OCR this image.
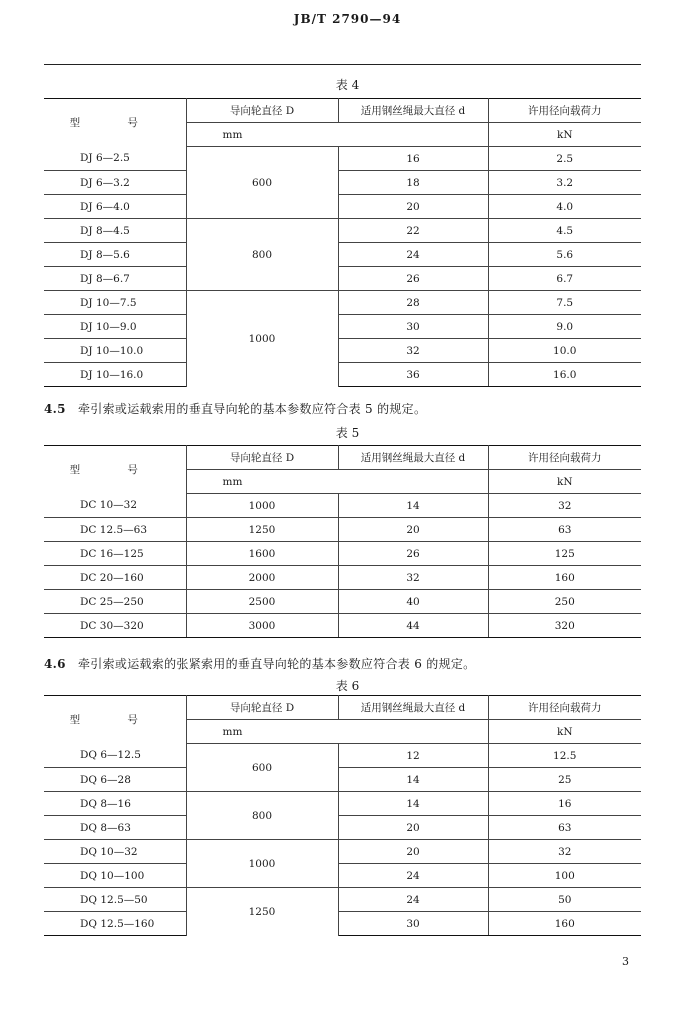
JB/T 2790—94
表 4
型 号	导向轮直径 D	适用钢丝绳最大直径 d	许用径向载荷力
	mm		kN
DJ 6—2.5	600	16	2.5
DJ 6—3.2		18	3.2
DJ 6—4.0		20	4.0
DJ 8—4.5	800	22	4.5
DJ 8—5.6		24	5.6
DJ 8—6.7		26	6.7
DJ 10—7.5	1000	28	7.5
DJ 10—9.0		30	9.0
DJ 10—10.0		32	10.0
DJ 10—16.0		36	16.0
4.5 牵引索或运载索用的垂直导向轮的基本参数应符合表 5 的规定。
表 5
型 号	导向轮直径 D	适用钢丝绳最大直径 d	许用径向载荷力
	mm		kN
DC 10—32	1000	14	32
DC 12.5—63	1250	20	63
DC 16—125	1600	26	125
DC 20—160	2000	32	160
DC 25—250	2500	40	250
DC 30—320	3000	44	320
4.6 牵引索或运载索的张紧索用的垂直导向轮的基本参数应符合表 6 的规定。
表 6
型 号	导向轮直径 D	适用钢丝绳最大直径 d	许用径向载荷力
	mm		kN
DQ 6—12.5	600	12	12.5
DQ 6—28		14	25
DQ 8—16	800	14	16
DQ 8—63		20	63
DQ 10—32	1000	20	32
DQ 10—100		24	100
DQ 12.5—50	1250	24	50
DQ 12.5—160		30	160
3
